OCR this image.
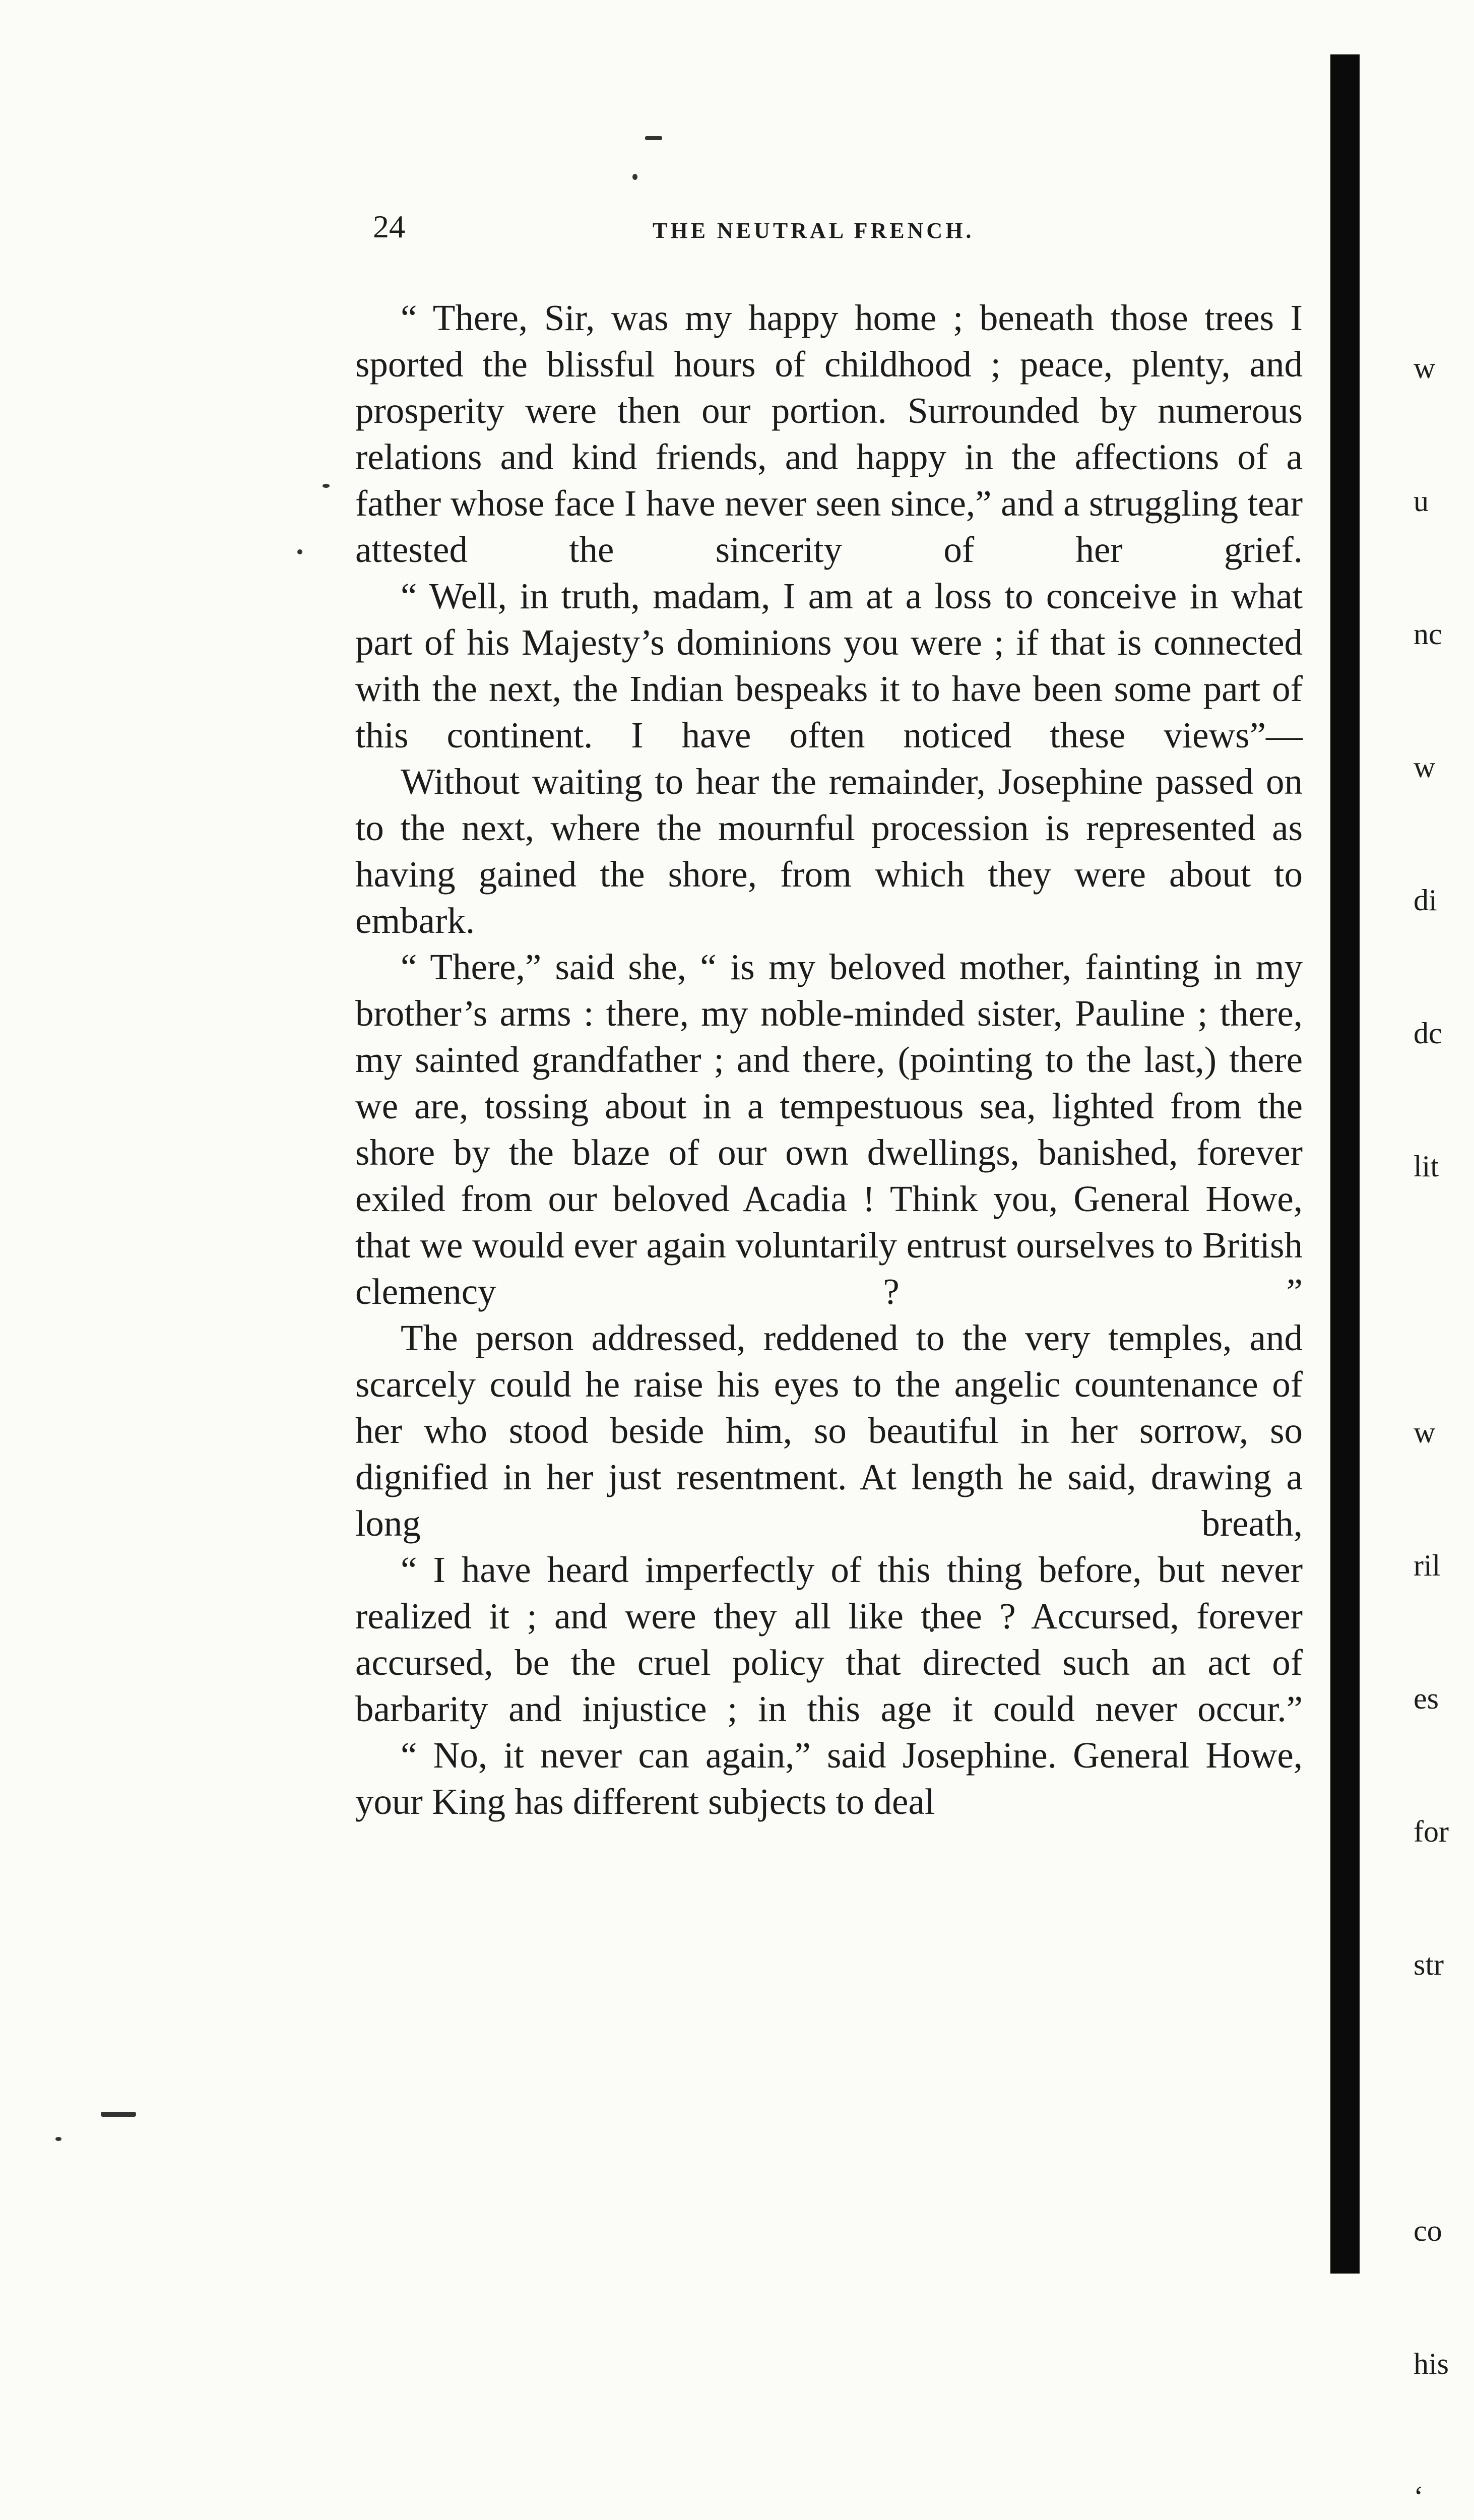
24	THE NEUTRAL FRENCH.

“ There, Sir, was my happy home ; beneath those trees I sported the blissful hours of childhood ; peace, plenty, and prosperity were then our portion. Surrounded by numerous relations and kind friends, and happy in the affections of a father whose face I have never seen since,” and a struggling tear attested the sincerity of her grief.

“ Well, in truth, madam, I am at a loss to conceive in what part of his Majesty’s dominions you were ; if that is connected with the next, the Indian bespeaks it to have been some part of this continent. I have often noticed these views”—

Without waiting to hear the remainder, Josephine passed on to the next, where the mournful procession is represented as having gained the shore, from which they were about to embark.

“ There,” said she, “ is my beloved mother, fainting in my brother’s arms : there, my noble-minded sister, Pauline ; there, my sainted grandfather ; and there, (pointing to the last,) there we are, tossing about in a tempestuous sea, lighted from the shore by the blaze of our own dwellings, banished, forever exiled from our beloved Acadia ! Think you, General Howe, that we would ever again voluntarily entrust ourselves to British clemency ? ”

The person addressed, reddened to the very temples, and scarcely could he raise his eyes to the angelic countenance of her who stood beside him, so beautiful in her sorrow, so dignified in her just resentment. At length he said, drawing a long breath,

“ I have heard imperfectly of this thing before, but never realized it ; and were they all like thee ? Accursed, forever accursed, be the cruel policy that directed such an act of barbarity and injustice ; in this age it could never occur.”

“ No, it never can again,” said Josephine. General Howe, your King has different subjects to deal

w

u

nc

w

di

dc

lit

w

ril

es

for

str

co

his

‘
